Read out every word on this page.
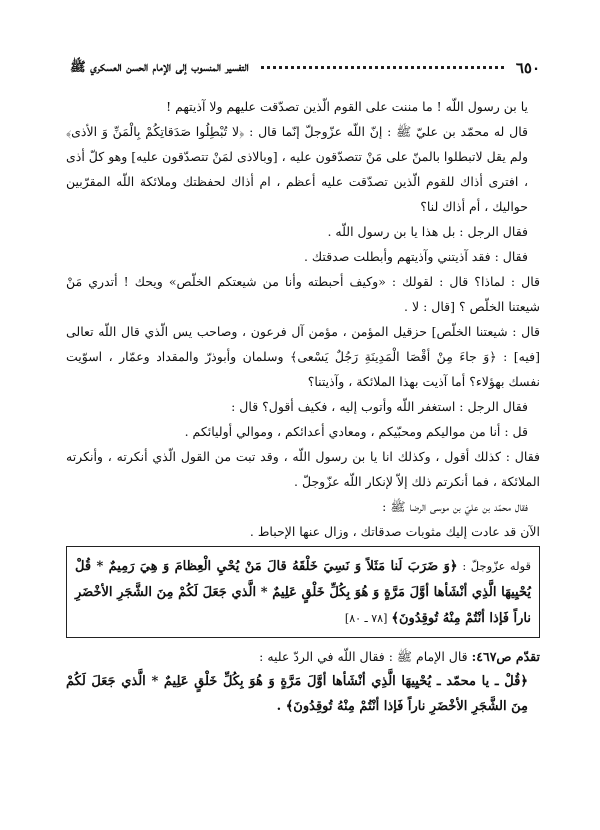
٦٥٠
التفسير المنسوب إلى الإمام الحسن العسكري ﷺ

يا بن رسول اللّه ! ما مننت على القوم الّذين تصدّقت عليهم ولا آذيتهم !

قال له محمّد بن عليّ ﷺ : إنّ اللّه عزّوجلّ إنّما قال : ﴿لا تُبْطِلُوا صَدَقاتِكُمْ بِالْمَنِّ وَ الأذى﴾ ولم يقل لاتبطلوا بالمنّ على مَنْ تتصدّقون عليه ، [وبالاذى لمَنْ تتصدّقون عليه] وهو كلّ أذى ، افترى أذاك للقوم الّذين تصدّقت عليه أعظم ، ام أذاك لحفظتك وملائكة اللّه المقرّبين حواليك ، أم أذاك لنا؟

فقال الرجل : بل هذا يا بن رسول اللّه .

فقال : فقد آذيتني وآذيتهم وأبطلت صدقتك .

قال : لماذا؟ قال : لقولك : «وكيف أحبطته وأنا من شيعتكم الخلّص» ويحك ! أتدري مَنْ شيعتنا الخلّص ؟ [قال : لا .

قال : شيعتنا الخلّص] حزقيل المؤمن ، مؤمن آل فرعون ، وصاحب يس الّذي قال اللّه تعالى [فيه] : ﴿وَ جاءَ مِنْ أقْصَا الْمَدِينَةِ رَجُلٌ يَسْعى﴾ وسلمان وأبوذرّ والمقداد وعمّار ، اسوّيت نفسك بهؤلاء؟ أما آذيت بهذا الملائكة ، وآذيتنا؟

فقال الرجل : استغفر اللّه وأتوب إليه ، فكيف أقول؟ قال :

قل : أنا من مواليكم ومحبّيكم ، ومعادي أعدائكم ، وموالي أوليائكم .

فقال : كذلك أقول ، وكذلك انا يا بن رسول اللّه ، وقد تبت من القول الّذي أنكرته ، وأنكرته الملائكة ، فما أنكرتم ذلك إلاّ لإنكار اللّه عزّوجلّ .

فقال محمّد بن عليّ بن موسى الرضا ﷺ :

الآن قد عادت إليك مثوبات صدقاتك ، وزال عنها الإحباط .

قوله عزّوجلّ : ﴿وَ ضَرَبَ لَنا مَثَلاً وَ نَسِيَ خَلْقَهُ قالَ مَنْ يُحْيِ الْعِظامَ وَ هِيَ رَمِيمٌ * قُلْ يُحْيِيهَا الَّذِي أنْشَأها أوَّلَ مَرَّةٍ وَ هُوَ بِكُلِّ خَلْقٍ عَلِيمٌ * الَّذي جَعَلَ لَكُمْ مِنَ الشَّجَرِ الأخْضَرِ ناراً فَإذا أنْتُمْ مِنْهُ تُوقِدُونَ﴾ [٧٨ ـ ٨٠]

تقدّم ص٤٦٧: قال الإمام ﷺ : فقال اللّه في الردّ عليه :

﴿قُلْ ـ يا محمّد ـ يُحْيِيهَا الَّذِي أنْشَأها أوَّلَ مَرَّةٍ وَ هُوَ بِكُلِّ خَلْقٍ عَلِيمٌ * الَّذي جَعَلَ لَكُمْ مِنَ الشَّجَرِ الأخْضَرِ ناراً فَإذا أنْتُمْ مِنْهُ تُوقِدُونَ﴾ .
